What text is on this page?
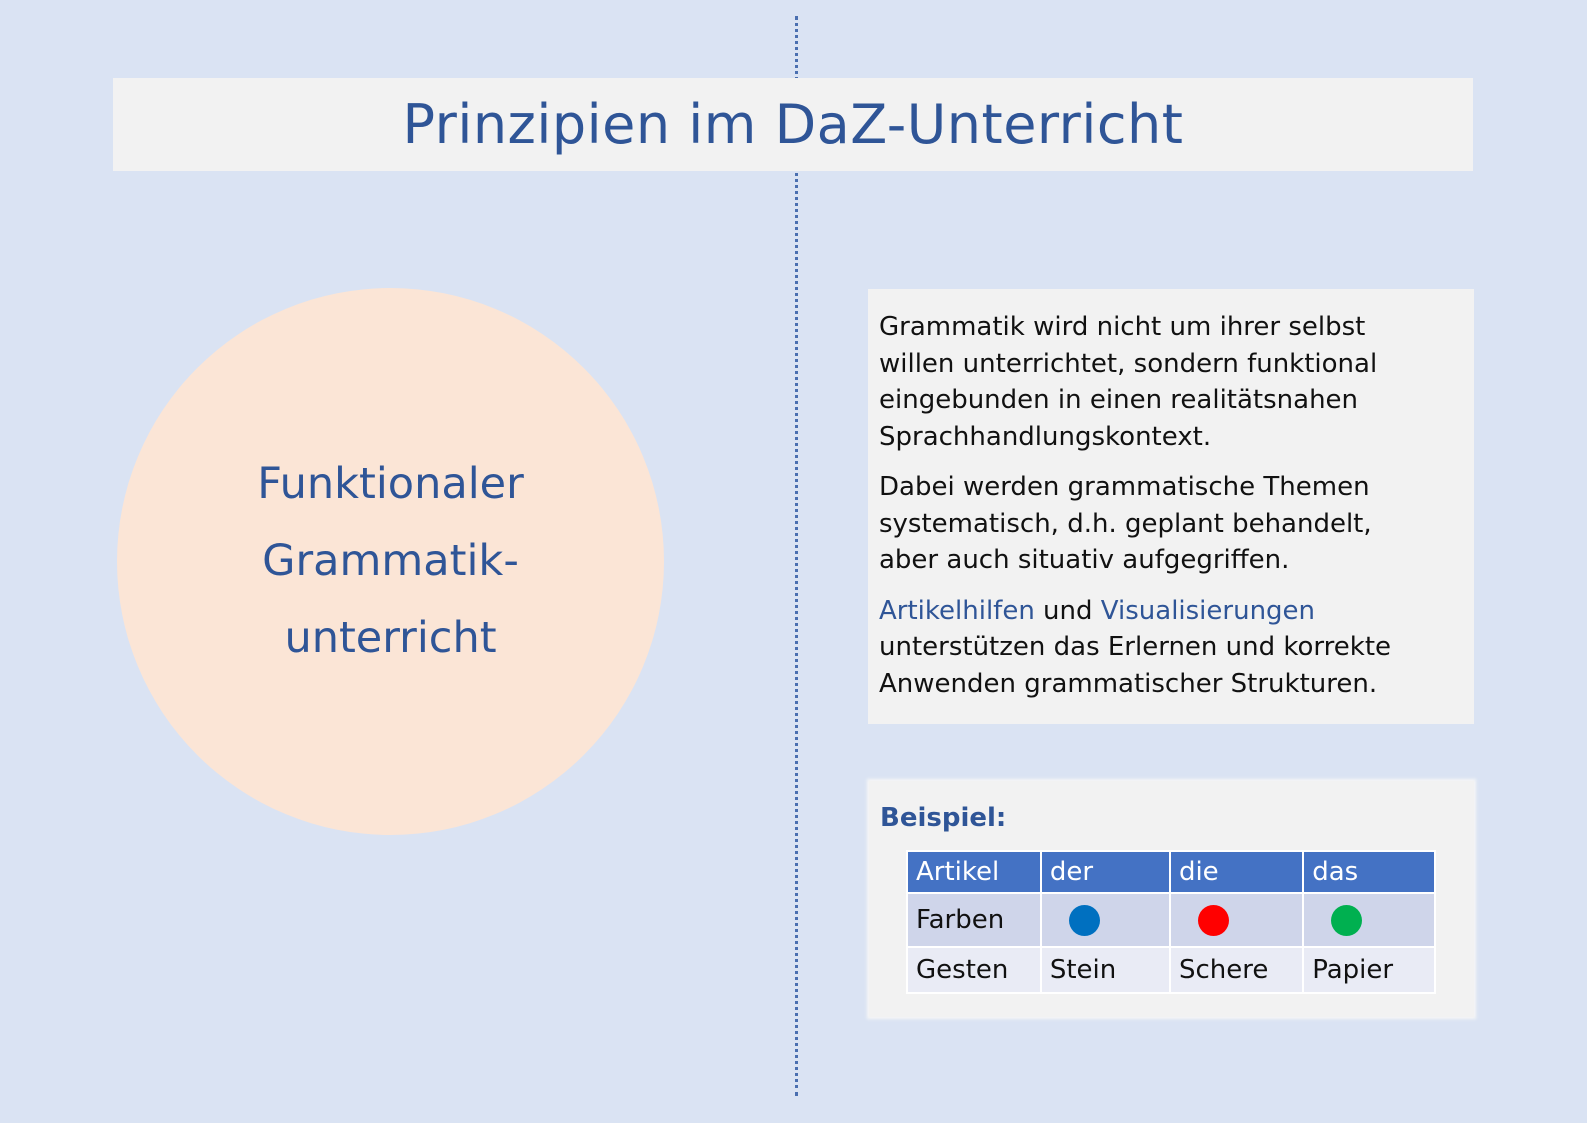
Prinzipien im DaZ-Unterricht
Funktionaler
Grammatik-
unterricht

Grammatik wird nicht um ihrer selbst
willen unterrichtet, sondern funktional
eingebunden in einen realitätsnahen
Sprachhandlungskontext.

Dabei werden grammatische Themen
systematisch, d.h. geplant behandelt,
aber auch situativ aufgegriffen.

Artikelhilfen und Visualisierungen
unterstützen das Erlernen und korrekte
Anwenden grammatischer Strukturen.

Beispiel:
Artikel	der	die	das
Farben			
Gesten	Stein	Schere	Papier
